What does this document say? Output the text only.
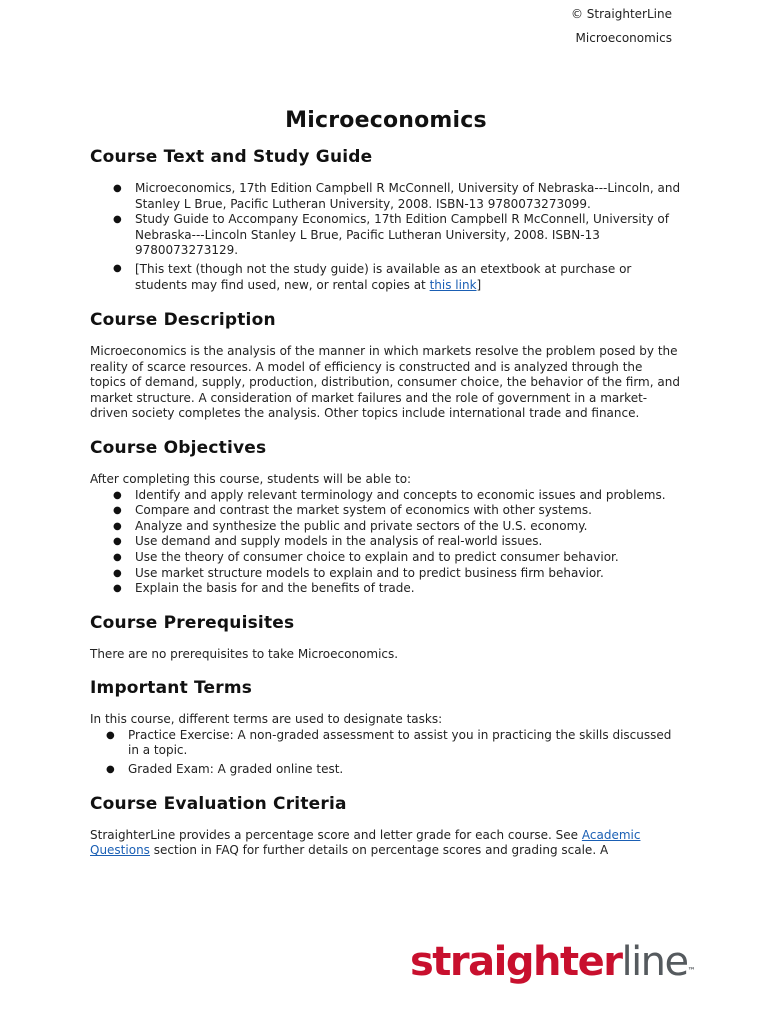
© StraighterLine
Microeconomics
Microeconomics
Course Text and Study Guide
● Microeconomics, 17th Edition Campbell R McConnell, University of Nebraska---Lincoln, and Stanley L Brue, Pacific Lutheran University, 2008. ISBN-13 9780073273099.
● Study Guide to Accompany Economics, 17th Edition Campbell R McConnell, University of Nebraska---Lincoln Stanley L Brue, Pacific Lutheran University, 2008. ISBN-13 9780073273129.
● [This text (though not the study guide) is available as an etextbook at purchase or students may find used, new, or rental copies at this link]
Course Description

Microeconomics is the analysis of the manner in which markets resolve the problem posed by the reality of scarce resources. A model of efficiency is constructed and is analyzed through the topics of demand, supply, production, distribution, consumer choice, the behavior of the firm, and market structure. A consideration of market failures and the role of government in a market-driven society completes the analysis. Other topics include international trade and finance.

Course Objectives

After completing this course, students will be able to:

● Identify and apply relevant terminology and concepts to economic issues and problems.
● Compare and contrast the market system of economics with other systems.
● Analyze and synthesize the public and private sectors of the U.S. economy.
● Use demand and supply models in the analysis of real-world issues.
● Use the theory of consumer choice to explain and to predict consumer behavior.
● Use market structure models to explain and to predict business firm behavior.
● Explain the basis for and the benefits of trade.
Course Prerequisites

There are no prerequisites to take Microeconomics.

Important Terms

In this course, different terms are used to designate tasks:

● Practice Exercise: A non-graded assessment to assist you in practicing the skills discussed in a topic.
● Graded Exam: A graded online test.
Course Evaluation Criteria

StraighterLine provides a percentage score and letter grade for each course. See Academic Questions section in FAQ for further details on percentage scores and grading scale. A

straighterline™
